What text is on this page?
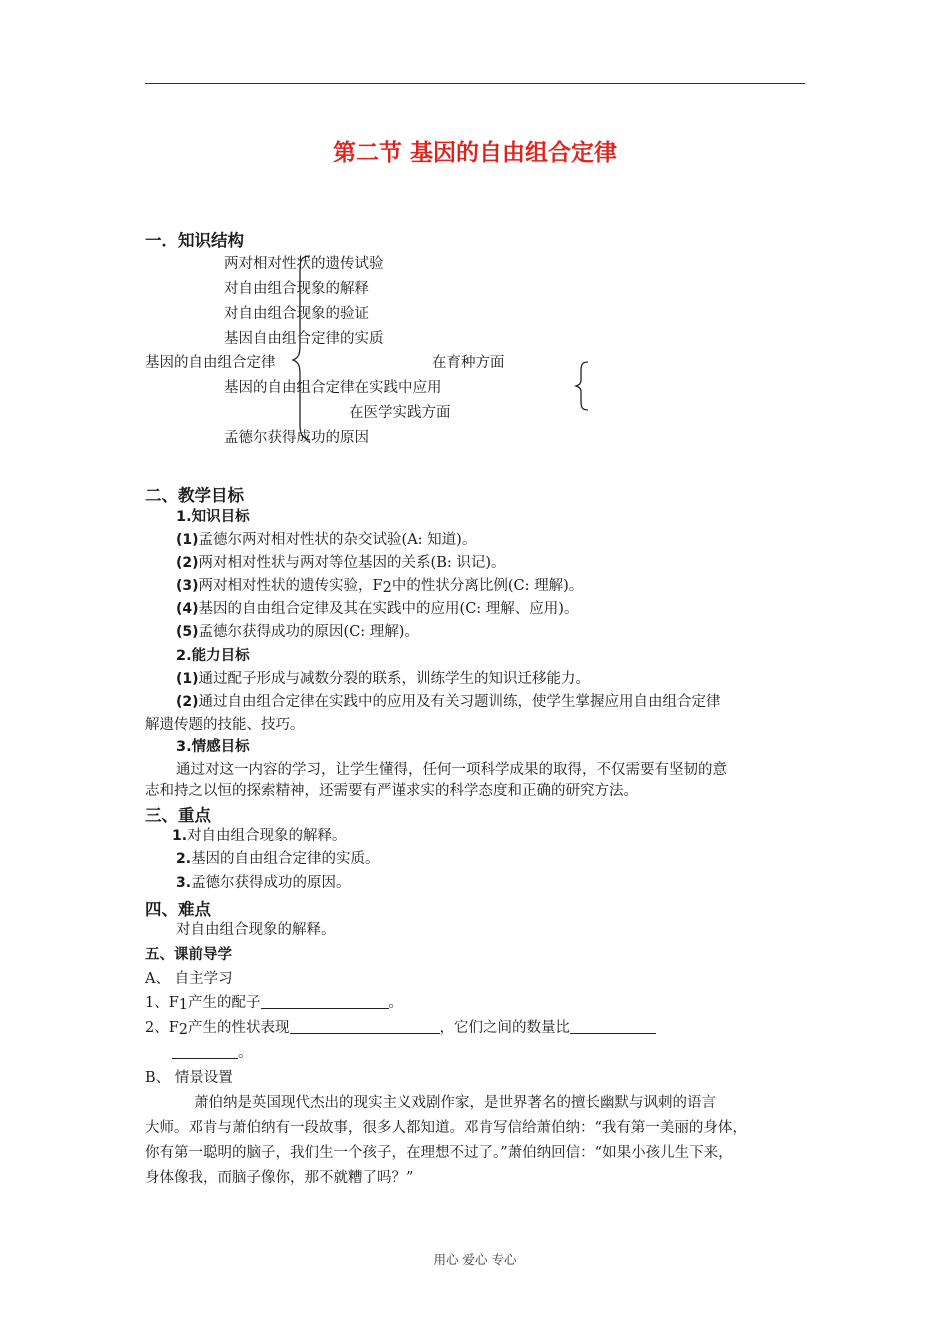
第二节 基因的自由组合定律
一．知识结构
两对相对性状的遗传试验
对自由组合现象的解释
对自由组合现象的验证
基因自由组合定律的实质
基因的自由组合定律	在育种方面
基因的自由组合定律在实践中应用
在医学实践方面
孟德尔获得成功的原因
二、教学目标
1.知识目标
(1)孟德尔两对相对性状的杂交试验(A: 知道)。
(2)两对相对性状与两对等位基因的关系(B: 识记)。
(3)两对相对性状的遗传实验，$F_2$中的性状分离比例(C: 理解)。
(4)基因的自由组合定律及其在实践中的应用(C: 理解、应用)。
(5)孟德尔获得成功的原因(C: 理解)。
2.能力目标
(1)通过配子形成与减数分裂的联系，训练学生的知识迁移能力。
(2)通过自由组合定律在实践中的应用及有关习题训练，使学生掌握应用自由组合定律
解遗传题的技能、技巧。
3.情感目标
通过对这一内容的学习，让学生懂得，任何一项科学成果的取得，不仅需要有坚韧的意
志和持之以恒的探索精神，还需要有严谨求实的科学态度和正确的研究方法。
三、重点
1.对自由组合现象的解释。
2.基因的自由组合定律的实质。
3.孟德尔获得成功的原因。
四、难点
对自由组合现象的解释。
五、课前导学
A、 自主学习
1、$F_1$产生的配子	。
2、$F_2$产生的性状表现	，它们之间的数量比
。
B、 情景设置
萧伯纳是英国现代杰出的现实主义戏剧作家，是世界著名的擅长幽默与讽刺的语言
大师。邓肯与萧伯纳有一段故事，很多人都知道。邓肯写信给萧伯纳：“我有第一美丽的身体，
你有第一聪明的脑子，我们生一个孩子，在理想不过了。”萧伯纳回信：“如果小孩儿生下来，
身体像我，而脑子像你，那不就糟了吗？”
用心 爱心 专心
